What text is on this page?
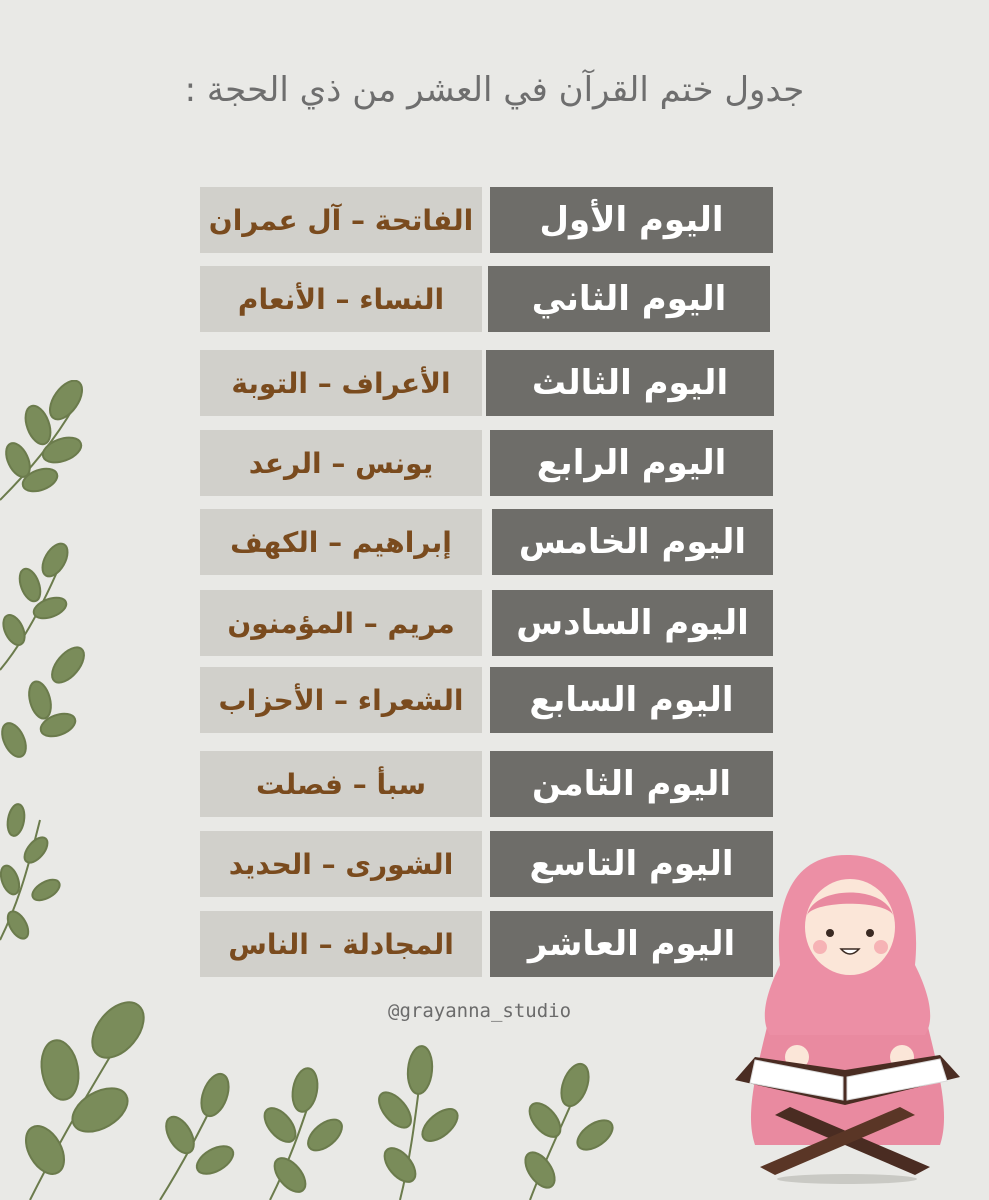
جدول ختم القرآن في العشر من ذي الحجة :
الفاتحة – آل عمران	اليوم الأول
النساء – الأنعام	اليوم الثاني
الأعراف – التوبة	اليوم الثالث
يونس – الرعد	اليوم الرابع
إبراهيم – الكهف	اليوم الخامس
مريم – المؤمنون	اليوم السادس
الشعراء – الأحزاب	اليوم السابع
سبأ – فصلت	اليوم الثامن
الشورى – الحديد	اليوم التاسع
المجادلة – الناس	اليوم العاشر
@grayanna_studio
